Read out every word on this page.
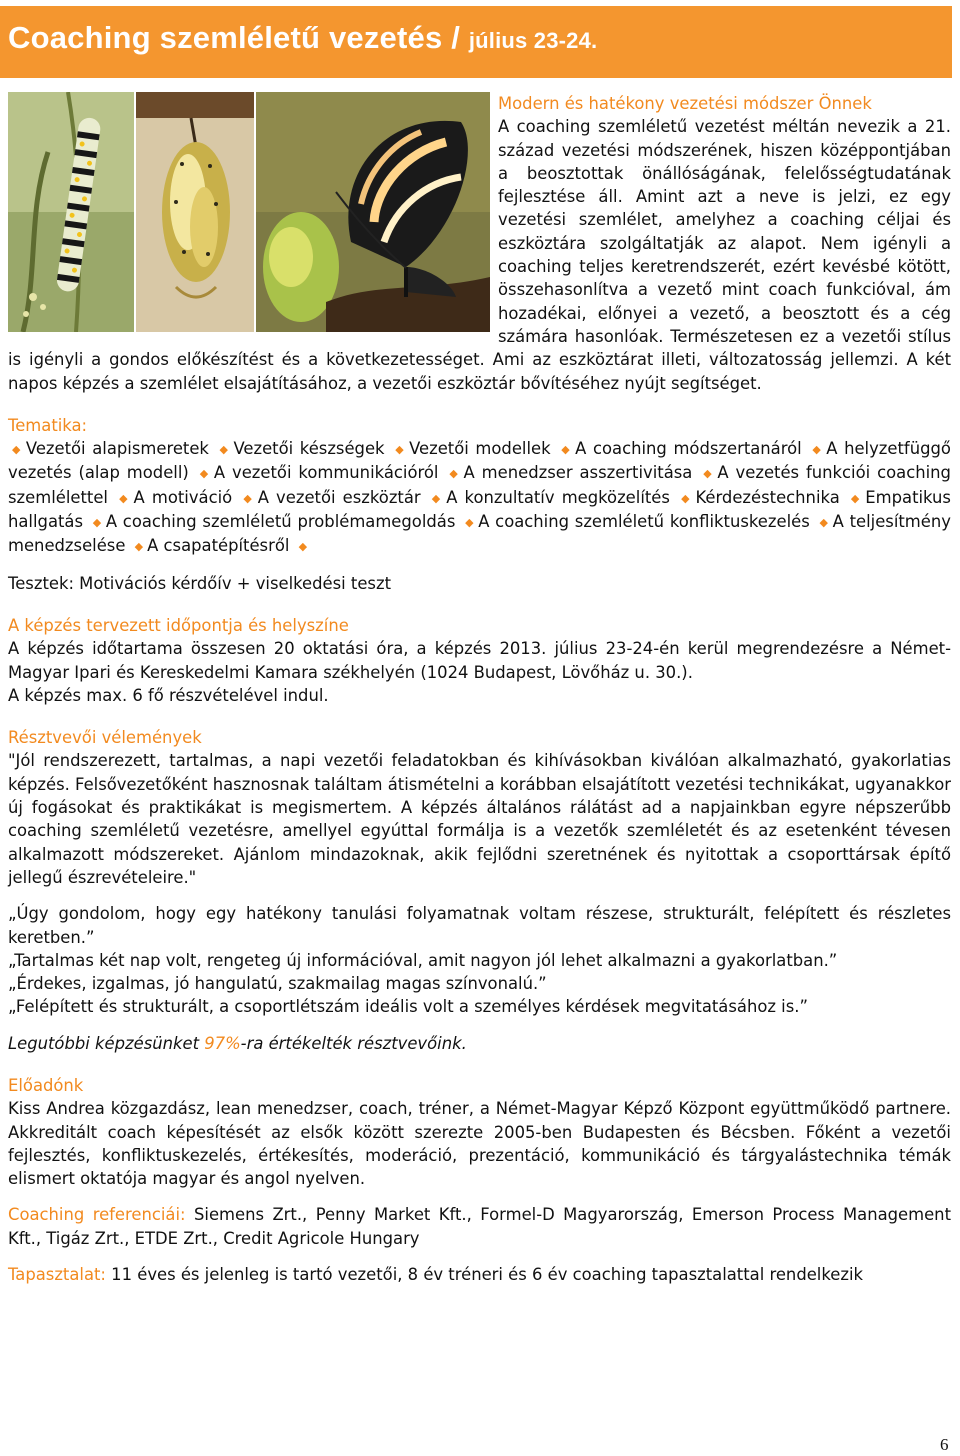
Coaching szemléletű vezetés / július 23-24.
Modern és hatékony vezetési módszer Önnek
A coaching szemléletű vezetést méltán nevezik a 21. század vezetési módszerének, hiszen középpontjában a beosztottak önállóságának, felelősségtudatának fejlesztése áll. Amint azt a neve is jelzi, ez egy vezetési szemlélet, amelyhez a coaching céljai és eszköztára szolgáltatják az alapot. Nem igényli a coaching teljes keretrendszerét, ezért kevésbé kötött, összehasonlítva a vezető mint coach funkcióval, ám hozadékai, előnyei a vezető, a beosztott és a cég számára hasonlóak. Természetesen ez a vezetői stílus is igényli a gondos előkészítést és a következetességet. Ami az eszköztárat illeti, változatosság jellemzi. A két napos képzés a szemlélet elsajátításához, a vezetői eszköztár bővítéséhez nyújt segítséget.
Tematika:
◆ Vezetői alapismeretek ◆ Vezetői készségek ◆ Vezetői modellek ◆ A coaching módszertanáról ◆ A helyzetfüggő vezetés (alap modell) ◆ A vezetői kommunikációról ◆ A menedzser asszertivitása ◆ A vezetés funkciói coaching szemlélettel ◆ A motiváció ◆ A vezetői eszköztár ◆ A konzultatív megközelítés ◆ Kérdezéstechnika ◆ Empatikus hallgatás ◆ A coaching szemléletű problémamegoldás ◆ A coaching szemléletű konfliktuskezelés ◆ A teljesítmény menedzselése ◆ A csapatépítésről ◆
Tesztek: Motivációs kérdőív + viselkedési teszt
A képzés tervezett időpontja és helyszíne
A képzés időtartama összesen 20 oktatási óra, a képzés 2013. július 23-24-én kerül megrendezésre a Német-Magyar Ipari és Kereskedelmi Kamara székhelyén (1024 Budapest, Lövőház u. 30.).
A képzés max. 6 fő részvételével indul.
Résztvevői vélemények
"Jól rendszerezett, tartalmas, a napi vezetői feladatokban és kihívásokban kiválóan alkalmazható, gyakorlatias képzés. Felsővezetőként hasznosnak találtam átismételni a korábban elsajátított vezetési technikákat, ugyanakkor új fogásokat és praktikákat is megismertem. A képzés általános rálátást ad a napjainkban egyre népszerűbb coaching szemléletű vezetésre, amellyel egyúttal formálja is a vezetők szemléletét és az esetenként tévesen alkalmazott módszereket. Ajánlom mindazoknak, akik fejlődni szeretnének és nyitottak a csoporttársak építő jellegű észrevételeire."
„Úgy gondolom, hogy egy hatékony tanulási folyamatnak voltam részese, strukturált, felépített és részletes keretben.”
„Tartalmas két nap volt, rengeteg új információval, amit nagyon jól lehet alkalmazni a gyakorlatban.”
„Érdekes, izgalmas, jó hangulatú, szakmailag magas színvonalú.”
„Felépített és strukturált, a csoportlétszám ideális volt a személyes kérdések megvitatásához is.”
Legutóbbi képzésünket 97%-ra értékelték résztvevőink.
Előadónk
Kiss Andrea közgazdász, lean menedzser, coach, tréner, a Német-Magyar Képző Központ együttműködő partnere. Akkreditált coach képesítését az elsők között szerezte 2005-ben Budapesten és Bécsben. Főként a vezetői fejlesztés, konfliktuskezelés, értékesítés, moderáció, prezentáció, kommunikáció és tárgyalástechnika témák elismert oktatója magyar és angol nyelven.
Coaching referenciái: Siemens Zrt., Penny Market Kft., Formel-D Magyarország, Emerson Process Management Kft., Tigáz Zrt., ETDE Zrt., Credit Agricole Hungary
Tapasztalat: 11 éves és jelenleg is tartó vezetői, 8 év tréneri és 6 év coaching tapasztalattal rendelkezik
6
